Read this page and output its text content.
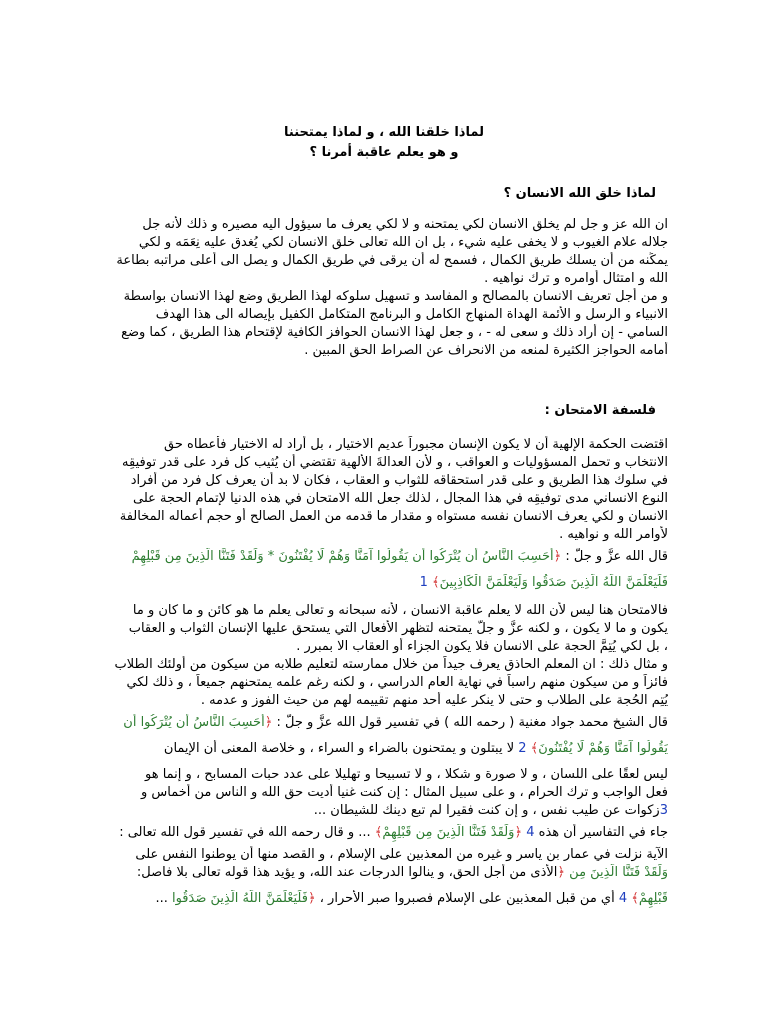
لماذا خلقنا الله ، و لماذا يمتحننا
و هو يعلم عاقبة أمرنا ؟
لماذا خلق الله الانسان ؟
ان الله عز و جل لم يخلق الانسان لكي يمتحنه و لا لكي يعرف ما سيؤول اليه مصيره و ذلك لأنه جل
جلاله علام الغيوب و لا يخفى عليه شيء ، بل ان الله تعالى خلق الانسان لكي يُغدق عليه نِعَمَه و لكي
يمكِّنه من أن يسلك طريق الكمال ، فسمح له أن يرقى في طريق الكمال و يصل الى أعلى مراتبه بطاعة
الله و امتثال أوامره و ترك نواهيه .
و من أجل تعريف الانسان بالمصالح و المفاسد و تسهيل سلوكه لهذا الطريق وضع لهذا الانسان بواسطة
الانبياء و الرسل و الأئمة الهداة المنهاج الكامل و البرنامج المتكامل الكفيل بإيصاله الى هذا الهدف
السامي - إن أراد ذلك و سعى له - ، و جعل لهذا الانسان الحوافز الكافية لإقتحام هذا الطريق ، كما وضع
أمامه الحواجز الكثيرة لمنعه من الانحراف عن الصراط الحق المبين .
فلسفة الامتحان :
اقتضت الحكمة الإلهية أن لا يكون الإنسان مجبوراً عديم الاختيار ، بل أراد له الاختيار فأعطاه حق
الانتخاب و تحمل المسؤوليات و العواقب ، و لأن العدالةَ الألهية تقتضي أن يُثيب كل فرد على قدر توفيقِه
في سلوك هذا الطريق و على قدر استحقاقه للثواب و العقاب ، فكان لا بد أن يعرف كل فرد من أفراد
النوع الانساني مدى توفيقِه في هذا المجال ، لذلك جعل الله الامتحان في هذه الدنيا لإتمام الحجة على
الانسان و لكي يعرف الانسان نفسه مستواه و مقدار ما قدمه من العمل الصالح أو حجم أعماله المخالفة
لأوامر الله و نواهيه .
قال الله عزَّ و جلَّ : ﴿أَحَسِبَ النَّاسُ أَن يُتْرَكُوا أَن يَقُولُوا آمَنَّا وَهُمْ لَا يُفْتَنُونَ * وَلَقَدْ فَتَنَّا الَّذِينَ مِن قَبْلِهِمْ
فَلَيَعْلَمَنَّ اللَّهُ الَّذِينَ صَدَقُوا وَلَيَعْلَمَنَّ الْكَاذِبِينَ﴾ 1
فالامتحان هنا ليس لأن الله لا يعلم عاقبة الانسان ، لأنه سبحانه و تعالى يعلم ما هو كائن و ما كان و ما
يكون و ما لا يكون ، و لكنه عزَّ و جلَّ يمتحنه لتظهر الأفعال التي يستحق عليها الإنسان الثواب و العقاب
، بل لكي يُتِمَّ الحجة على الانسان فلا يكون الجزاء أو العقاب الا بمبرر .
و مثال ذلك : ان المعلم الحاذق يعرف جيداً من خلال ممارسته لتعليم طلابه من سيكون من أولئك الطلاب
فائزاً و من سيكون منهم راسباً في نهاية العام الدراسي ، و لكنه رغم علمه يمتحنهم جميعاً ، و ذلك لكي
يُتِم الحُجة على الطلاب و حتى لا ينكر عليه أحد منهم تقييمه لهم من حيث الفوز و عدمه .
قال الشيخ محمد جواد مغنية ( رحمه الله ) في تفسير قول الله عزَّ و جلَّ : ﴿أَحَسِبَ النَّاسُ أَن يُتْرَكُوا أَن
يَقُولُوا آمَنَّا وَهُمْ لَا يُفْتَنُونَ﴾ 2 لا يبتلون و يمتحنون بالضراء و السراء ، و خلاصة المعنى أن الإيمان
ليس لعقًا على اللسان ، و لا صورة و شكلا ، و لا تسبيحا و تهليلا على عدد حبات المسابح ، و إنما هو
فعل الواجب و ترك الحرام ، و على سبيل المثال : إن كنت غنيا أديت حق الله و الناس من أخماس و
3زكوات عن طيب نفس ، و إن كنت فقيرا لم تبع دينك للشيطان ...
جاء في التفاسير أن هذه 4 ﴿وَلَقَدْ فَتَنَّا الَّذِينَ مِن قَبْلِهِمْ﴾ ... و قال رحمه الله في تفسير قول الله تعالى :
الآية نزلت في عمار بن ياسر و غيره من المعذبين على الإسلام ، و القصد منها أن يوطنوا النفس على
وَلَقَدْ فَتَنَّا الَّذِينَ مِن ﴿الأذى من أجل الحق، و ينالوا الدرجات عند الله، و يؤيد هذا قوله تعالى بلا فاصل:
قَبْلِهِمْ﴾ 4 أي من قبل المعذبين على الإسلام فصبروا صبر الأحرار ، ﴿فَلَيَعْلَمَنَّ اللَّهُ الَّذِينَ صَدَقُوا ...
